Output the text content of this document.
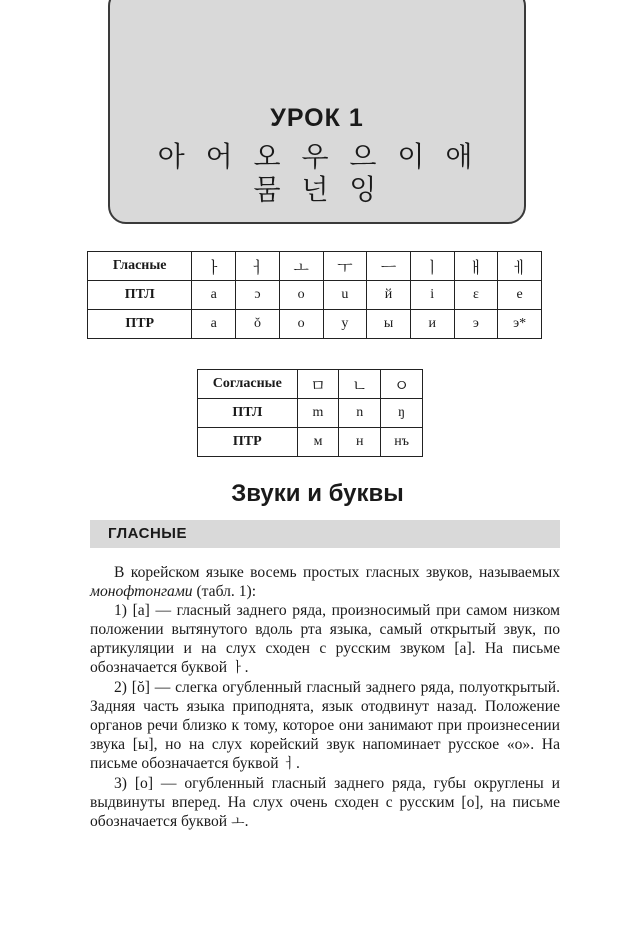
УРОК 1
아 어 오 우 으 이 애
뭄 넌 잉
Гласные	ㅏ	ㅓ	ㅗ	ㅜ	ㅡ	ㅣ	ㅐ	ㅔ
ПТЛ	a	ɔ	o	u	й	i	ε	e
ПТР	а	ŏ	о	у	ы	и	э	э*
Согласные	ㅁ	ㄴ	ㅇ
ПТЛ	m	n	ŋ
ПТР	м	н	нъ
Звуки и буквы
ГЛАСНЫЕ

В корейском языке восемь простых гласных звуков, называемых монофтонгами (табл. 1):

1) [а] — гласный заднего ряда, произносимый при самом низком положении вытянутого вдоль рта языка, самый открытый звук, по артикуляции и на слух сходен с русским звуком [а]. На письме обозначается буквой ㅏ.

2) [ŏ] — слегка огубленный гласный заднего ряда, полуоткрытый. Задняя часть языка приподнята, язык отодвинут назад. Положение органов речи близко к тому, которое они занимают при произнесении звука [ы], но на слух корейский звук напоминает русское «о». На письме обозначается буквой ㅓ.

3) [о] — огубленный гласный заднего ряда, губы округлены и выдвинуты вперед. На слух очень сходен с русским [о], на письме обозначается буквой ㅗ.
